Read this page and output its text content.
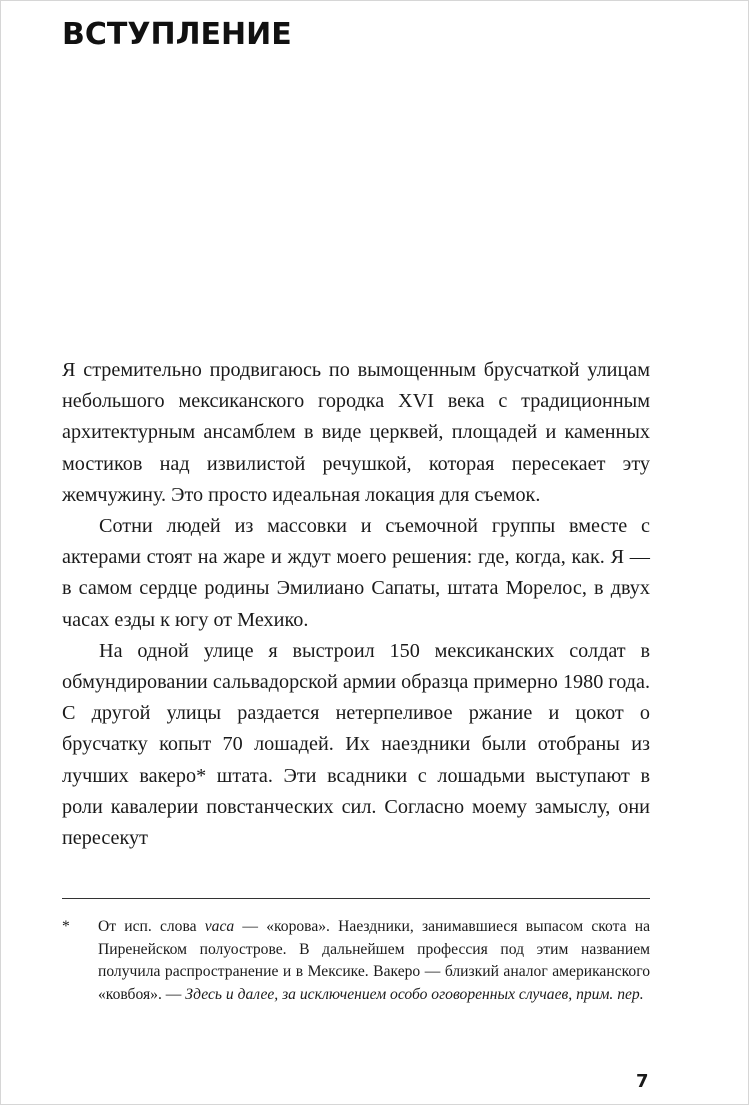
ВСТУПЛЕНИЕ

Я стремительно продвигаюсь по вымощенным брусчаткой улицам небольшого мексиканского городка XVI века с традиционным архитектурным ансамблем в виде церквей, площадей и каменных мостиков над извилистой речушкой, которая пересекает эту жемчужину. Это просто идеальная локация для съемок.

Сотни людей из массовки и съемочной группы вместе с актерами стоят на жаре и ждут моего решения: где, когда, как. Я — в самом сердце родины Эмилиано Сапаты, штата Морелос, в двух часах езды к югу от Мехико.

На одной улице я выстроил 150 мексиканских солдат в обмундировании сальвадорской армии образца примерно 1980 года. С другой улицы раздается нетерпеливое ржание и цокот о брусчатку копыт 70 лошадей. Их наездники были отобраны из лучших вакеро* штата. Эти всадники с лошадьми выступают в роли кавалерии повстанческих сил. Согласно моему замыслу, они пересекут

* От исп. слова vaca — «корова». Наездники, занимавшиеся выпасом скота на Пиренейском полуострове. В дальнейшем профессия под этим названием получила распространение и в Мексике. Вакеро — близкий аналог американского «ковбоя». — Здесь и далее, за исключением особо оговоренных случаев, прим. пер.
7
